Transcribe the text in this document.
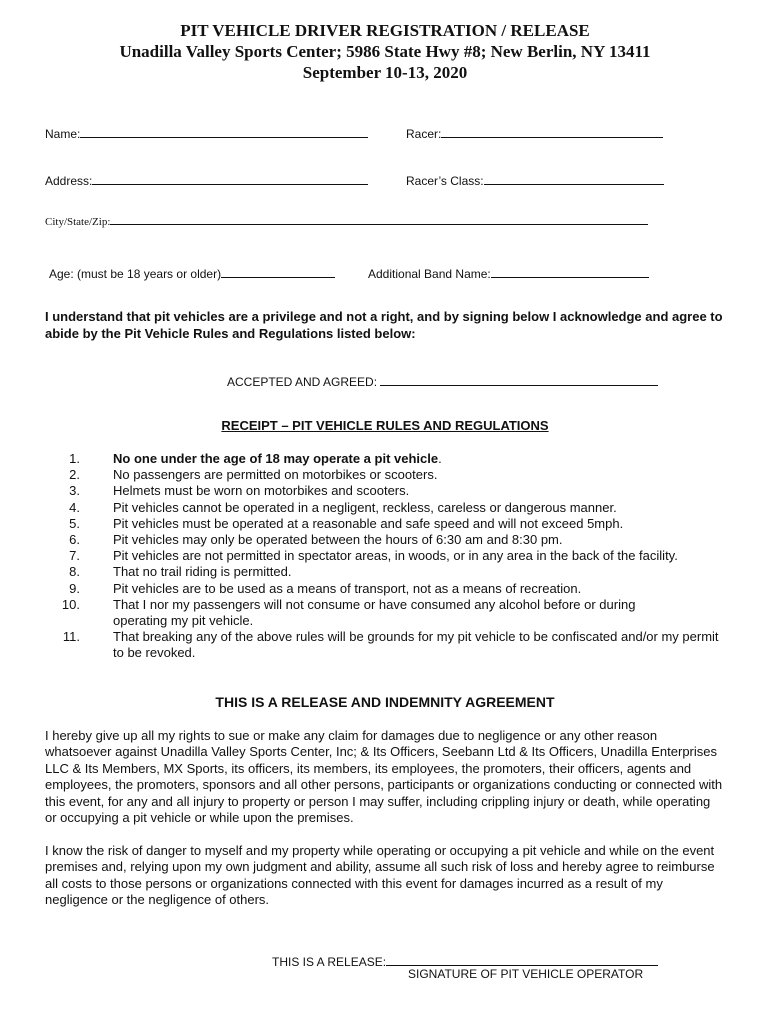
PIT VEHICLE DRIVER REGISTRATION / RELEASE
Unadilla Valley Sports Center; 5986 State Hwy #8; New Berlin, NY 13411
September 10-13, 2020
Name:	Racer:
Address:	Racer’s Class:
City/State/Zip:
Age: (must be 18 years or older)	Additional Band Name:
I understand that pit vehicles are a privilege and not a right, and by signing below I acknowledge and agree to abide by the Pit Vehicle Rules and Regulations listed below:
ACCEPTED AND AGREED:
RECEIPT – PIT VEHICLE RULES AND REGULATIONS
1.	No one under the age of 18 may operate a pit vehicle.
2.	No passengers are permitted on motorbikes or scooters.
3.	Helmets must be worn on motorbikes and scooters.
4.	Pit vehicles cannot be operated in a negligent, reckless, careless or dangerous manner.
5.	Pit vehicles must be operated at a reasonable and safe speed and will not exceed 5mph.
6.	Pit vehicles may only be operated between the hours of 6:30 am and 8:30 pm.
7.	Pit vehicles are not permitted in spectator areas, in woods, or in any area in the back of the facility.
8.	That no trail riding is permitted.
9.	Pit vehicles are to be used as a means of transport, not as a means of recreation.
10.	That I nor my passengers will not consume or have consumed any alcohol before or during operating my pit vehicle.
11.	That breaking any of the above rules will be grounds for my pit vehicle to be confiscated and/or my permit to be revoked.
THIS IS A RELEASE AND INDEMNITY AGREEMENT
I hereby give up all my rights to sue or make any claim for damages due to negligence or any other reason whatsoever against Unadilla Valley Sports Center, Inc; & Its Officers, Seebann Ltd & Its Officers, Unadilla Enterprises LLC & Its Members, MX Sports, its officers, its members, its employees, the promoters, their officers, agents and employees, the promoters, sponsors and all other persons, participants or organizations conducting or connected with this event, for any and all injury to property or person I may suffer, including crippling injury or death, while operating or occupying a pit vehicle or while upon the premises.
I know the risk of danger to myself and my property while operating or occupying a pit vehicle and while on the event premises and, relying upon my own judgment and ability, assume all such risk of loss and hereby agree to reimburse all costs to those persons or organizations connected with this event for damages incurred as a result of my negligence or the negligence of others.
THIS IS A RELEASE:
SIGNATURE OF PIT VEHICLE OPERATOR
